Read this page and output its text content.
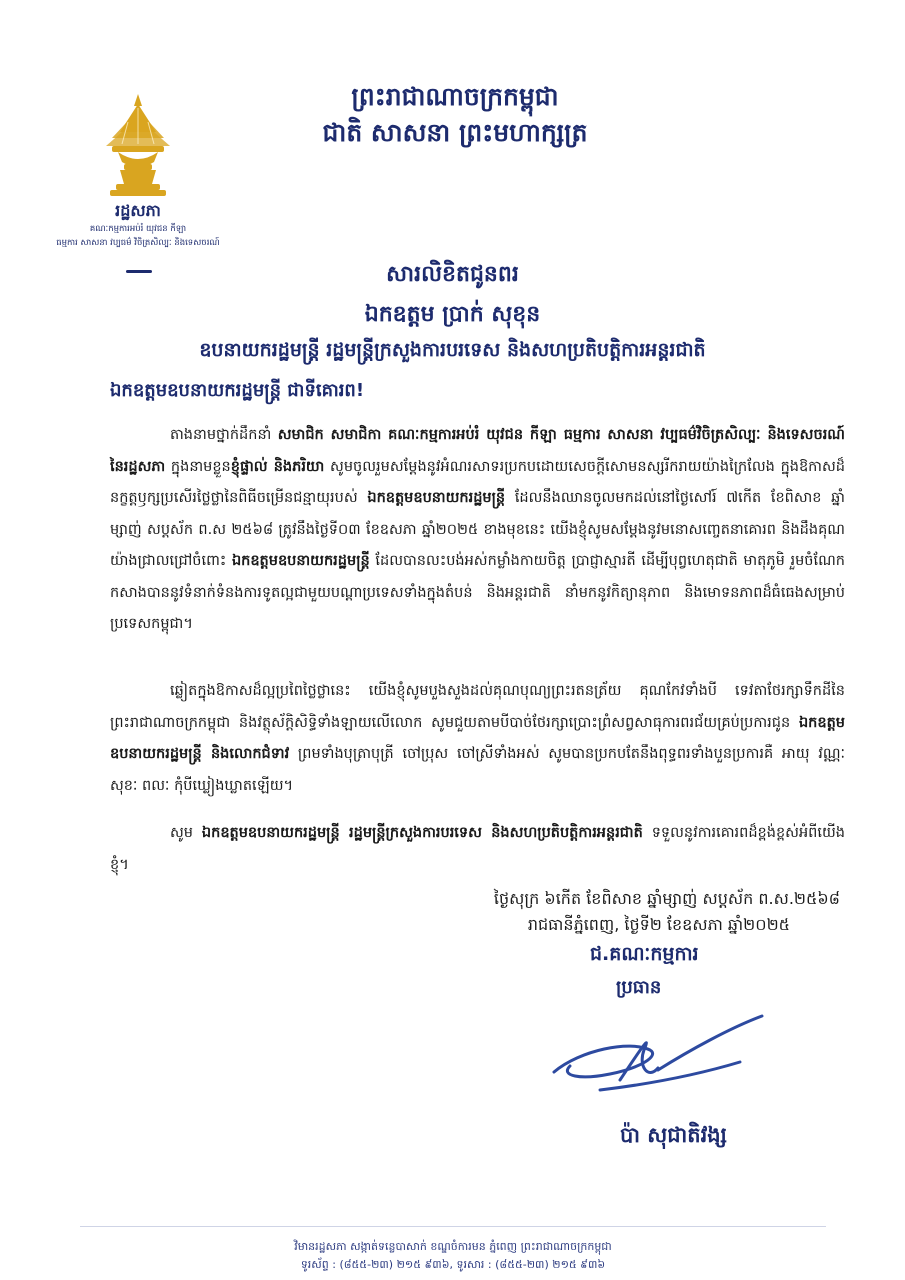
ព្រះរាជាណាចក្រកម្ពុជា
ជាតិ សាសនា ព្រះមហាក្សត្រ
រដ្ឋសភា
គណៈកម្មការអប់រំ យុវជន កីឡា
ធម្មការ សាសនា វប្បធម៌ វិចិត្រសិល្បៈ និងទេសចរណ៍
សារលិខិតជូនពរ
ឯកឧត្តម ប្រាក់ សុខុន
ឧបនាយករដ្ឋមន្ត្រី រដ្ឋមន្ត្រីក្រសួងការបរទេស និងសហប្រតិបត្តិការអន្តរជាតិ
ឯកឧត្តមឧបនាយករដ្ឋមន្ត្រី ជាទីគោរព!
តាងនាមថ្នាក់ដឹកនាំ សមាជិក សមាជិកា គណៈកម្មការអប់រំ យុវជន កីឡា ធម្មការ សាសនា វប្បធម៌វិចិត្រសិល្បៈ និងទេសចរណ៍ នៃរដ្ឋសភា ក្នុងនាមខ្លួនខ្ញុំផ្ទាល់ និងភរិយា សូមចូលរួមសម្តែងនូវអំណរសាទរប្រកបដោយសេចក្តីសោមនស្សរីករាយយ៉ាងក្រៃលែង ក្នុងឱកាសដ៏នក្ខត្តឫក្សប្រសើរថ្លៃថ្លានៃពិធីចម្រើនជន្មាយុរបស់ ឯកឧត្តមឧបនាយករដ្ឋមន្ត្រី ដែលនឹងឈានចូលមកដល់នៅថ្ងៃសៅរ៍ ៧កើត ខែពិសាខ ឆ្នាំម្សាញ់ សប្តស័ក ព.ស ២៥៦៨ ត្រូវនឹងថ្ងៃទី០៣ ខែឧសភា ឆ្នាំ២០២៥ ខាងមុខនេះ យើងខ្ញុំសូមសម្តែងនូវមនោសញ្ចេតនាគោរព និងដឹងគុណយ៉ាងជ្រាលជ្រៅចំពោះ ឯកឧត្តមឧបនាយករដ្ឋមន្ត្រី ដែលបានលះបង់អស់កម្លាំងកាយចិត្ត ប្រាជ្ញាស្មារតី ដើម្បីបុព្វហេតុជាតិ មាតុភូមិ រួមចំណែកកសាងបាននូវទំនាក់ទំនងការទូតល្អជាមួយបណ្តាប្រទេសទាំងក្នុងតំបន់ និងអន្តរជាតិ នាំមកនូវកិត្យានុភាព និងមោទនភាពដ៏ធំធេងសម្រាប់ប្រទេសកម្ពុជា។
ឆ្លៀតក្នុងឱកាសដ៏ល្អប្រពៃថ្លៃថ្លានេះ យើងខ្ញុំសូមបួងសួងដល់គុណបុណ្យព្រះរតនត្រ័យ គុណកែវទាំងបី ទេវតាថែរក្សាទឹកដីនៃព្រះរាជាណាចក្រកម្ពុជា និងវត្ថុស័ក្តិសិទ្ធិទាំងឡាយលើលោក សូមជួយតាមបីបាច់ថែរក្សាប្រោះព្រំសព្វសាធុការពរជ័យគ្រប់ប្រការជូន ឯកឧត្តមឧបនាយករដ្ឋមន្ត្រី និងលោកជំទាវ ព្រមទាំងបុត្រាបុត្រី ចៅប្រុស ចៅស្រីទាំងអស់ សូមបានប្រកបតែនឹងពុទ្ធពរទាំងបួនប្រការគឺ អាយុ វណ្ណៈ សុខៈ ពលៈ កុំបីឃ្លៀងឃ្លាតឡើយ។
សូម ឯកឧត្តមឧបនាយករដ្ឋមន្ត្រី រដ្ឋមន្ត្រីក្រសួងការបរទេស និងសហប្រតិបត្តិការអន្តរជាតិ ទទួលនូវការគោរពដ៏ខ្ពង់ខ្ពស់អំពីយើងខ្ញុំ។
ថ្ងៃសុក្រ ៦កើត ខែពិសាខ ឆ្នាំម្សាញ់ សប្តស័ក ព.ស.២៥៦៨
រាជធានីភ្នំពេញ, ថ្ងៃទី២ ខែឧសភា ឆ្នាំ២០២៥
ជ.គណៈកម្មការ
ប្រធាន
ប៉ា សុជាតិវង្ស
វិមានរដ្ឋសភា សង្កាត់ទន្លេបាសាក់ ខណ្ឌចំការមន ភ្នំពេញ ព្រះរាជាណាចក្រកម្ពុជា
ទូរស័ព្ទ : (៨៥៥-២៣) ២១៥ ៩៣៦, ទូរសារ : (៨៥៥-២៣) ២១៥ ៩៣៦
